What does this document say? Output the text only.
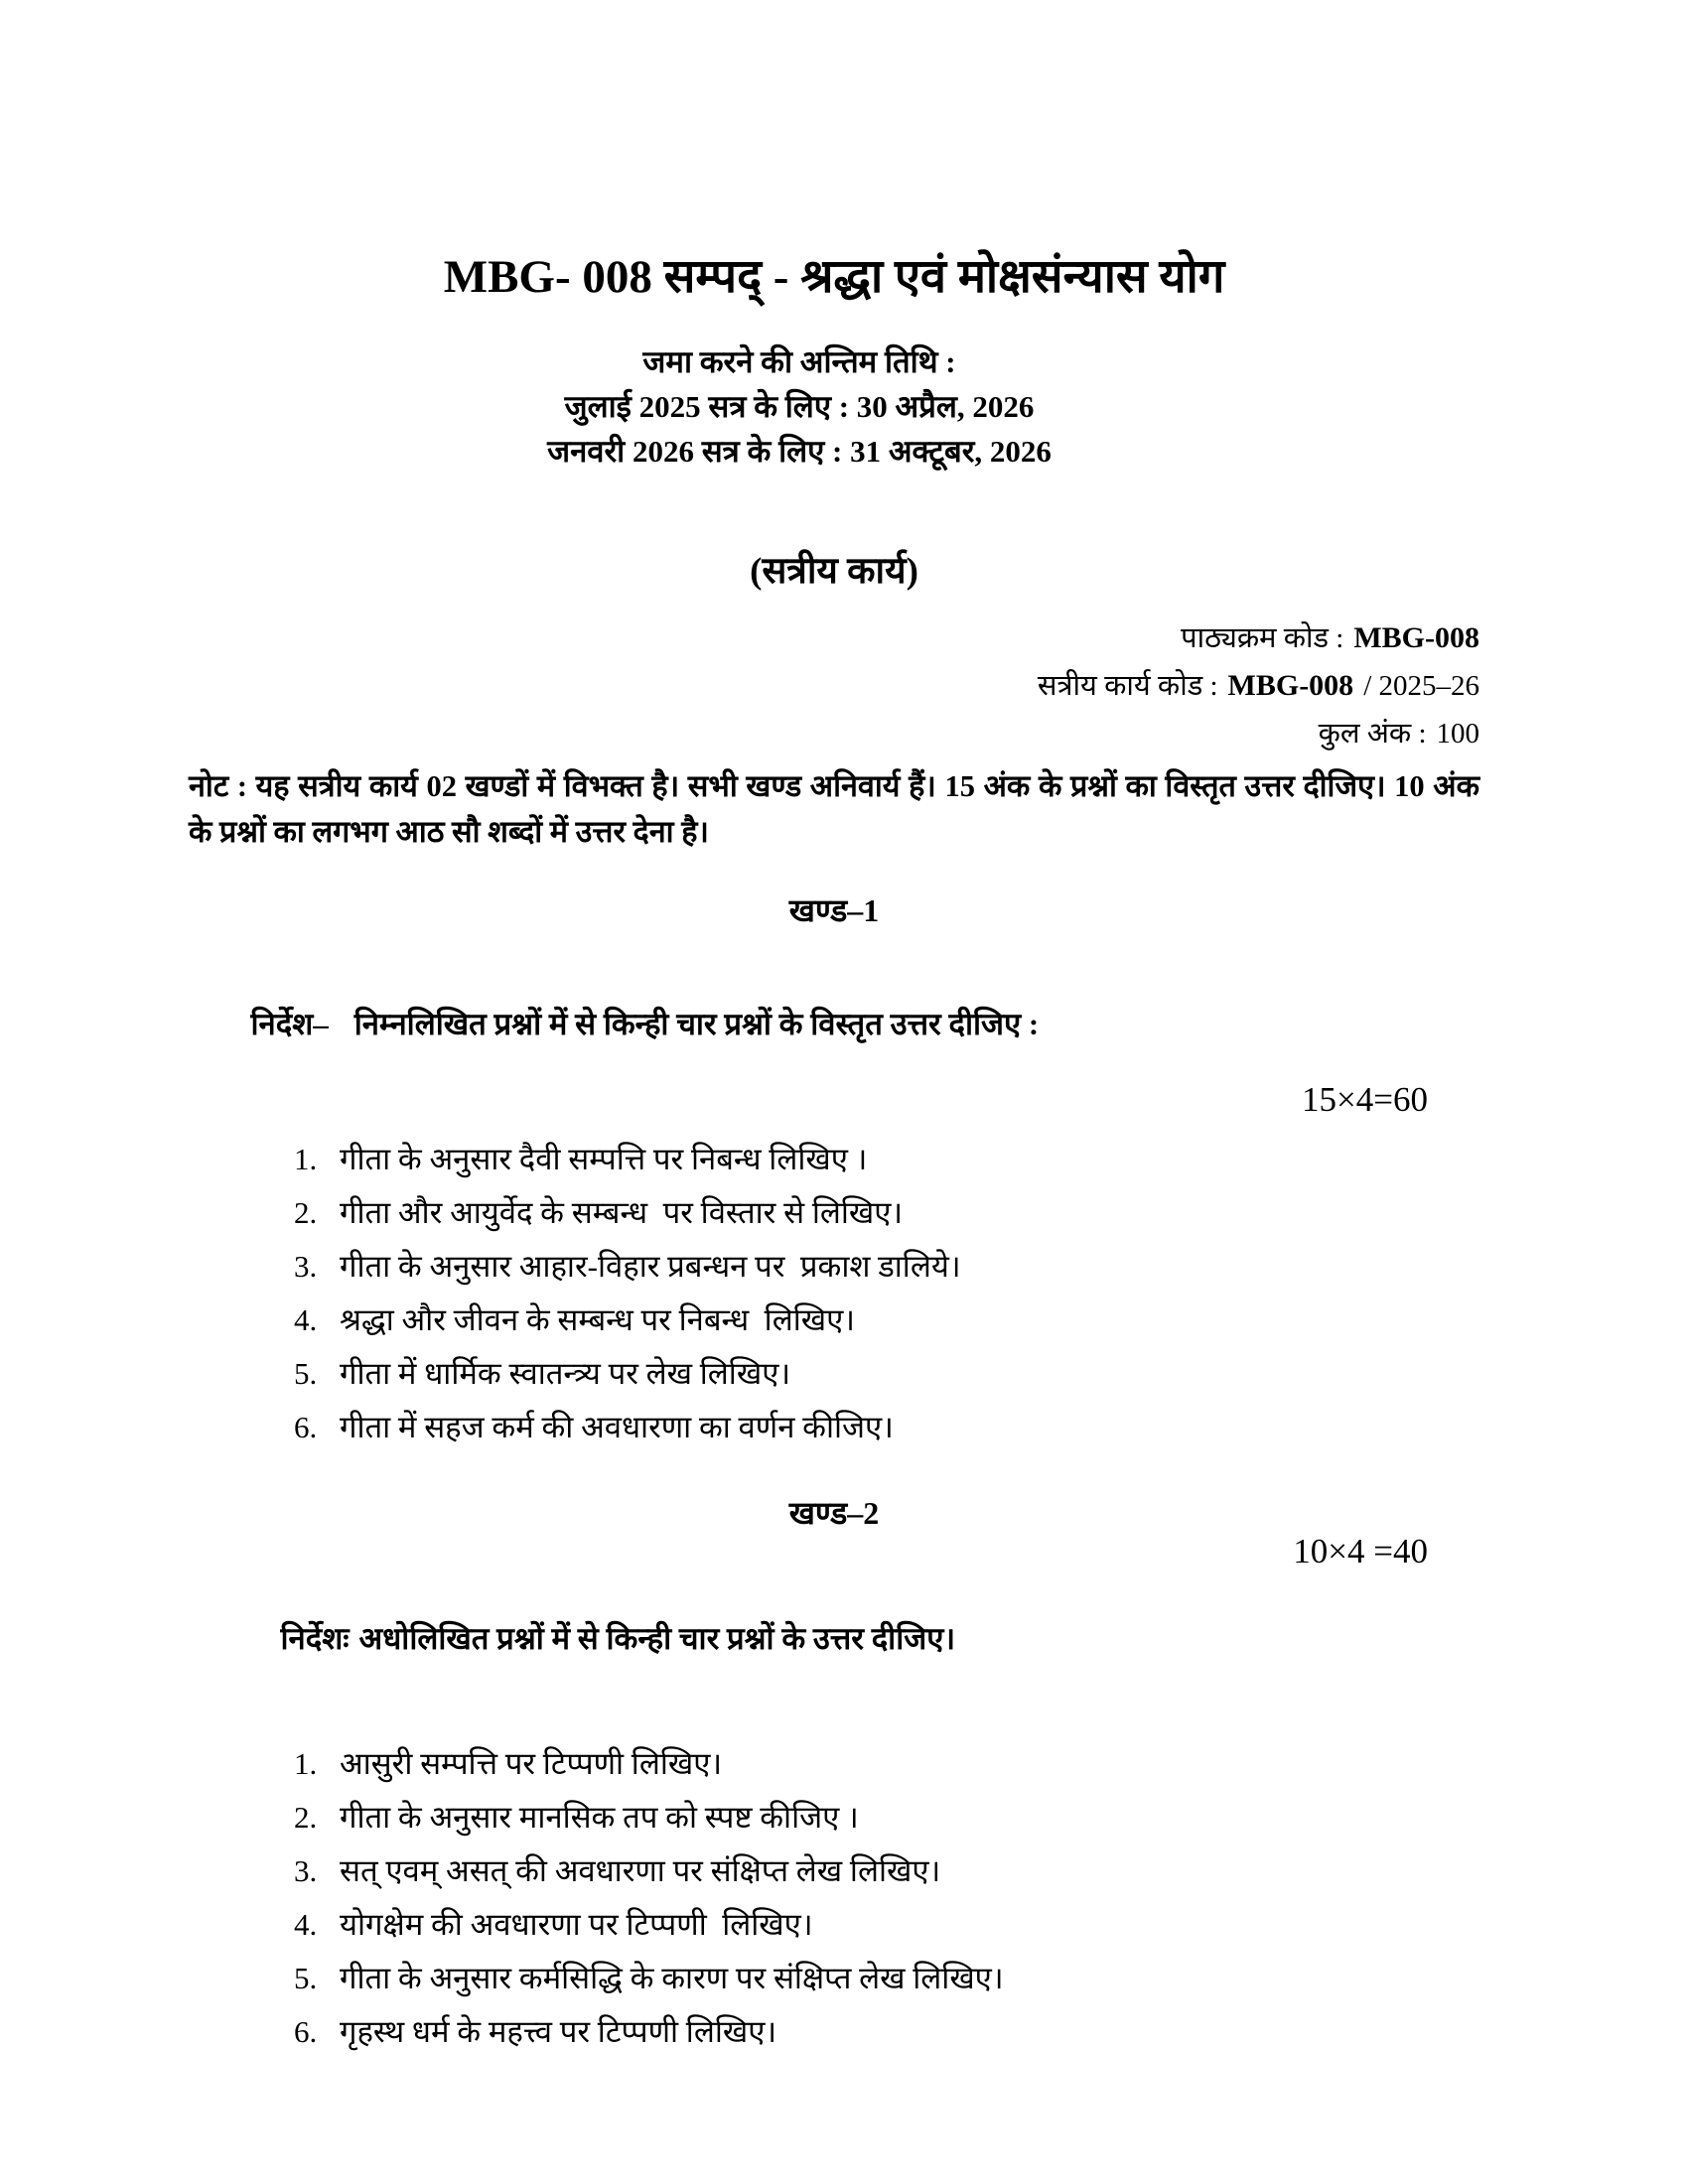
MBG- 008 सम्पद् - श्रद्धा एवं मोक्षसंन्यास योग
जमा करने की अन्तिम तिथि :
जुलाई 2025 सत्र के लिए : 30 अप्रैल, 2026
जनवरी 2026 सत्र के लिए : 31 अक्टूबर, 2026
(सत्रीय कार्य)
पाठ्यक्रम कोड : MBG-008
सत्रीय कार्य कोड : MBG-008 / 2025–26
कुल अंक : 100

नोट : यह सत्रीय कार्य 02 खण्डों में विभक्त है। सभी खण्ड अनिवार्य हैं। 15 अंक के प्रश्नों का विस्तृत उत्तर दीजिए। 10 अंक के प्रश्नों का लगभग आठ सौ शब्दों में उत्तर देना है।

खण्ड–1

निर्देश– निम्नलिखित प्रश्नों में से किन्ही चार प्रश्नों के विस्तृत उत्तर दीजिए :

15×4=60
1. गीता के अनुसार दैवी सम्पत्ति पर निबन्ध लिखिए ।
2. गीता और आयुर्वेद के सम्बन्ध  पर विस्तार से लिखिए।
3. गीता के अनुसार आहार-विहार प्रबन्धन पर  प्रकाश डालिये।
4. श्रद्धा और जीवन के सम्बन्ध पर निबन्ध  लिखिए।
5. गीता में धार्मिक स्वातन्त्र्य पर लेख लिखिए।
6. गीता में सहज कर्म की अवधारणा का वर्णन कीजिए।
खण्ड–2
10×4 =40

निर्देशः अधोलिखित प्रश्नों में से किन्ही चार प्रश्नों के उत्तर दीजिए।

1. आसुरी सम्पत्ति पर टिप्पणी लिखिए।
2. गीता के अनुसार मानसिक तप को स्पष्ट कीजिए ।
3. सत् एवम् असत् की अवधारणा पर संक्षिप्त लेख लिखिए।
4. योगक्षेम की अवधारणा पर टिप्पणी  लिखिए।
5. गीता के अनुसार कर्मसिद्धि के कारण पर संक्षिप्त लेख लिखिए।
6. गृहस्थ धर्म के महत्त्व पर टिप्पणी लिखिए।
